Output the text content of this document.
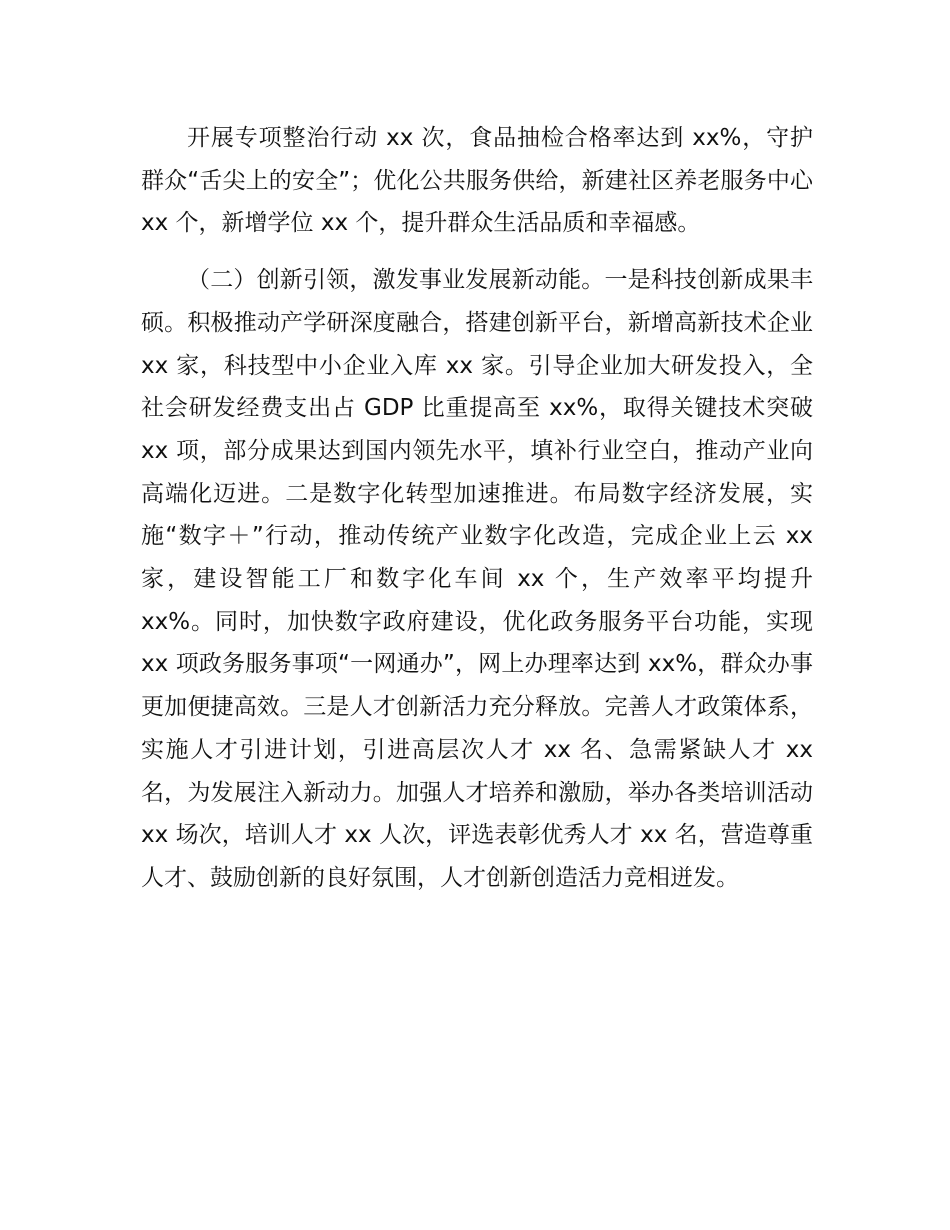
开展专项整治行动 xx 次，食品抽检合格率达到 xx%，守护群众“舌尖上的安全”；优化公共服务供给，新建社区养老服务中心 xx 个，新增学位 xx 个，提升群众生活品质和幸福感。

（二）创新引领，激发事业发展新动能。一是科技创新成果丰硕。积极推动产学研深度融合，搭建创新平台，新增高新技术企业 xx 家，科技型中小企业入库 xx 家。引导企业加大研发投入，全社会研发经费支出占 GDP 比重提高至 xx%，取得关键技术突破 xx 项，部分成果达到国内领先水平，填补行业空白，推动产业向高端化迈进。二是数字化转型加速推进。布局数字经济发展，实施“数字＋”行动，推动传统产业数字化改造，完成企业上云 xx 家，建设智能工厂和数字化车间 xx 个，生产效率平均提升 xx%。同时，加快数字政府建设，优化政务服务平台功能，实现 xx 项政务服务事项“一网通办”，网上办理率达到 xx%，群众办事更加便捷高效。三是人才创新活力充分释放。完善人才政策体系，实施人才引进计划，引进高层次人才 xx 名、急需紧缺人才 xx 名，为发展注入新动力。加强人才培养和激励，举办各类培训活动 xx 场次，培训人才 xx 人次，评选表彰优秀人才 xx 名，营造尊重人才、鼓励创新的良好氛围，人才创新创造活力竞相迸发。
